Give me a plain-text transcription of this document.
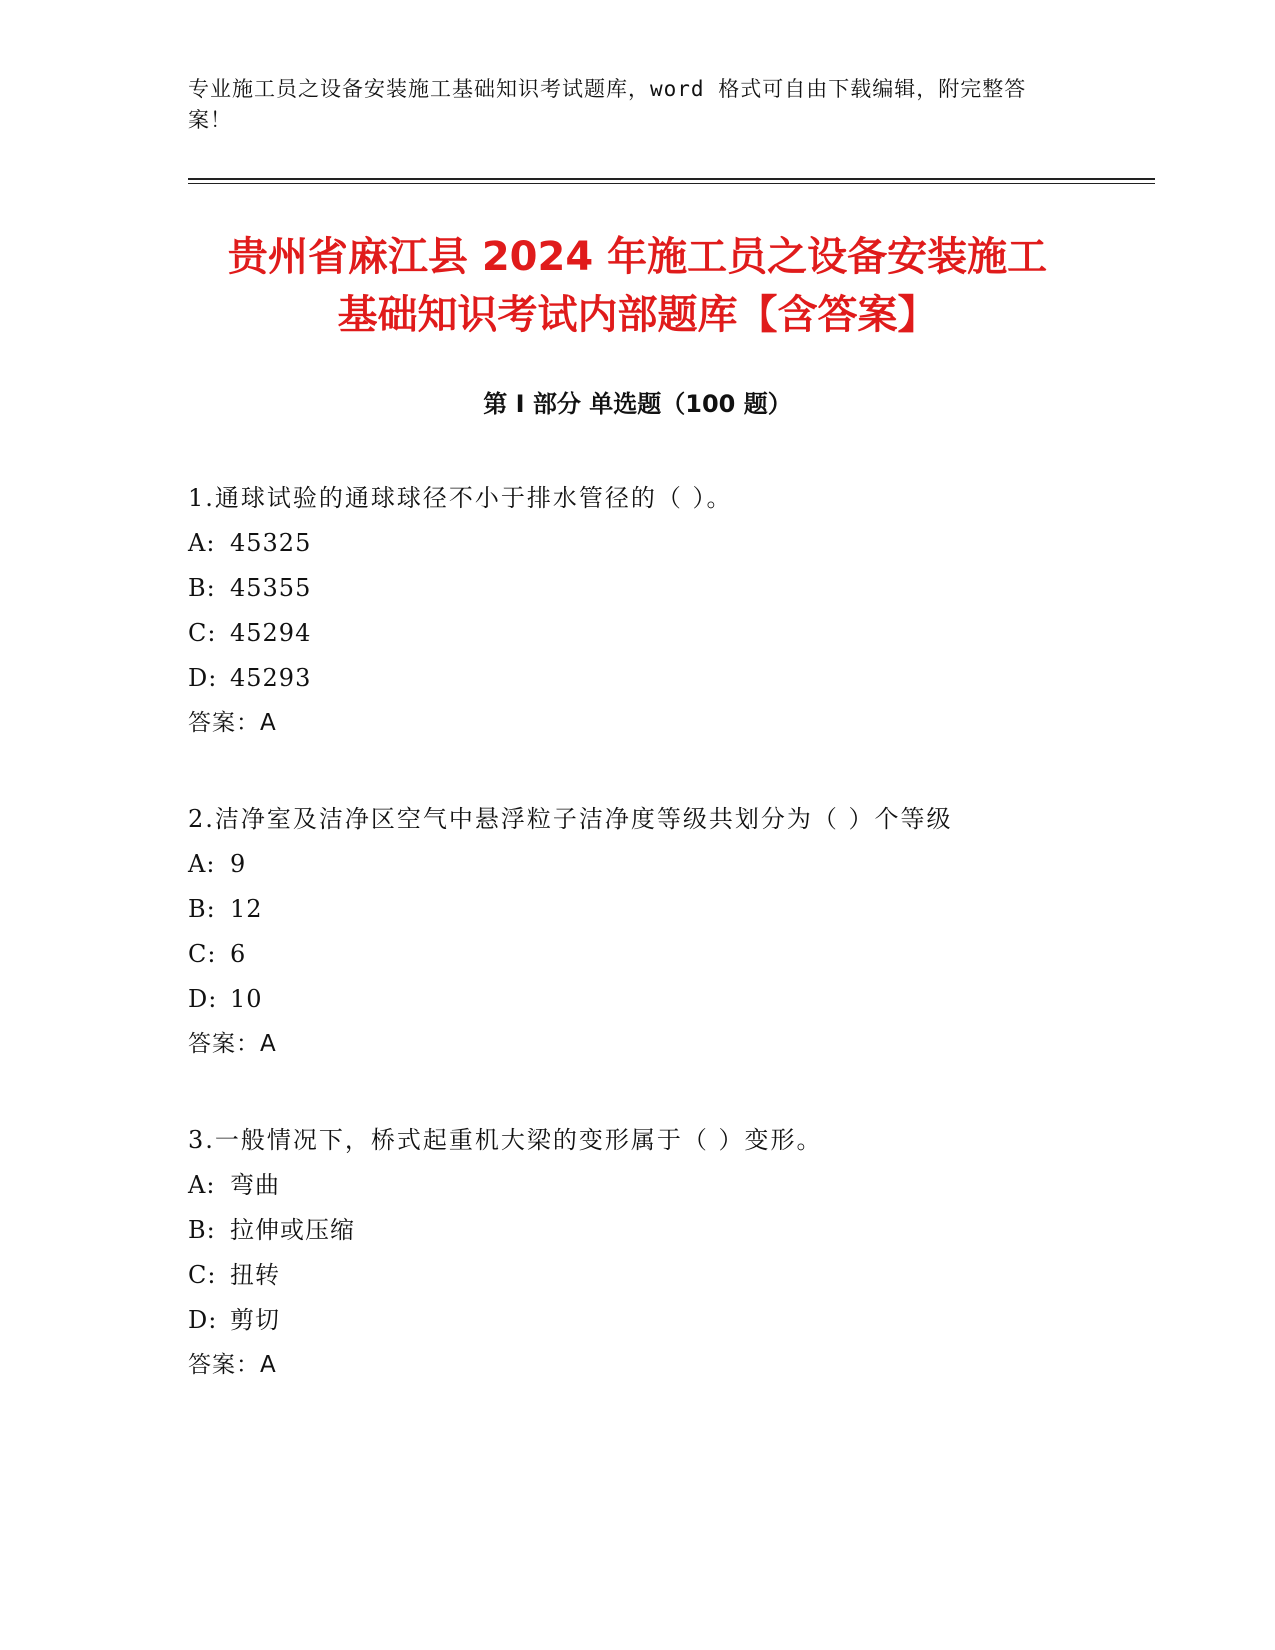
专业施工员之设备安装施工基础知识考试题库，word 格式可自由下载编辑，附完整答案！
贵州省麻江县 2024 年施工员之设备安装施工
基础知识考试内部题库【含答案】
第 I 部分 单选题（100 题）
1.通球试验的通球球径不小于排水管径的（ ）。
A: 45325
B: 45355
C: 45294
D: 45293
答案：A
2.洁净室及洁净区空气中悬浮粒子洁净度等级共划分为（ ）个等级
A: 9
B: 12
C: 6
D: 10
答案：A
3.一般情况下，桥式起重机大梁的变形属于（ ）变形。
A: 弯曲
B: 拉伸或压缩
C: 扭转
D: 剪切
答案：A
